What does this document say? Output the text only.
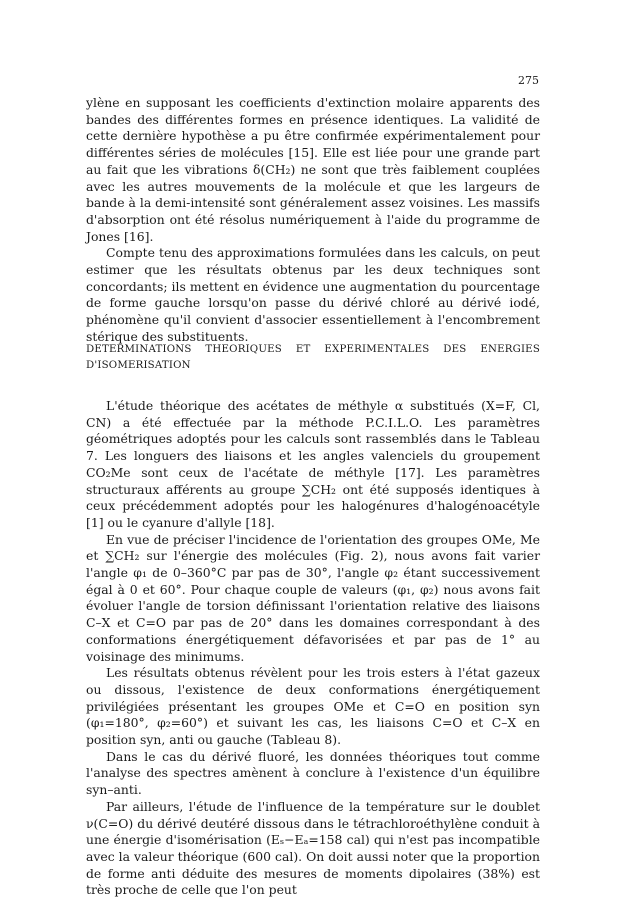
275

ylène en supposant les coefficients d'extinction molaire apparents des bandes des différentes formes en présence identiques. La validité de cette dernière hypothèse a pu être confirmée expérimentalement pour différentes séries de molécules [15]. Elle est liée pour une grande part au fait que les vibrations δ(CH₂) ne sont que très faiblement couplées avec les autres mouvements de la molécule et que les largeurs de bande à la demi-intensité sont généralement assez voisines. Les massifs d'absorption ont été résolus numériquement à l'aide du programme de Jones [16].

Compte tenu des approximations formulées dans les calculs, on peut estimer que les résultats obtenus par les deux techniques sont concordants; ils mettent en évidence une augmentation du pourcentage de forme gauche lorsqu'on passe du dérivé chloré au dérivé iodé, phénomène qu'il convient d'associer essentiellement à l'encombrement stérique des substituents.

DETERMINATIONS THEORIQUES ET EXPERIMENTALES DES ENERGIES D'ISOMERISATION

L'étude théorique des acétates de méthyle α substitués (X=F, Cl, CN) a été effectuée par la méthode P.C.I.L.O. Les paramètres géométriques adoptés pour les calculs sont rassemblés dans le Tableau 7. Les longuers des liaisons et les angles valenciels du groupement CO₂Me sont ceux de l'acétate de méthyle [17]. Les paramètres structuraux afférents au groupe ∑CH₂ ont été supposés identiques à ceux précédemment adoptés pour les halogénures d'halogénoacétyle [1] ou le cyanure d'allyle [18].

En vue de préciser l'incidence de l'orientation des groupes OMe, Me et ∑CH₂ sur l'énergie des molécules (Fig. 2), nous avons fait varier l'angle φ₁ de 0–360°C par pas de 30°, l'angle φ₂ étant successivement égal à 0 et 60°. Pour chaque couple de valeurs (φ₁, φ₂) nous avons fait évoluer l'angle de torsion définissant l'orientation relative des liaisons C–X et C=O par pas de 20° dans les domaines correspondant à des conformations énergétiquement défavorisées et par pas de 1° au voisinage des minimums.

Les résultats obtenus révèlent pour les trois esters à l'état gazeux ou dissous, l'existence de deux conformations énergétiquement privilégiées présentant les groupes OMe et C=O en position syn (φ₁=180°, φ₂=60°) et suivant les cas, les liaisons C=O et C–X en position syn, anti ou gauche (Tableau 8).

Dans le cas du dérivé fluoré, les données théoriques tout comme l'analyse des spectres amènent à conclure à l'existence d'un équilibre syn–anti.

Par ailleurs, l'étude de l'influence de la température sur le doublet ν(C=O) du dérivé deutéré dissous dans le tétrachloroéthylène conduit à une énergie d'isomérisation (Eₛ−Eₐ=158 cal) qui n'est pas incompatible avec la valeur théorique (600 cal). On doit aussi noter que la proportion de forme anti déduite des mesures de moments dipolaires (38%) est très proche de celle que l'on peut
